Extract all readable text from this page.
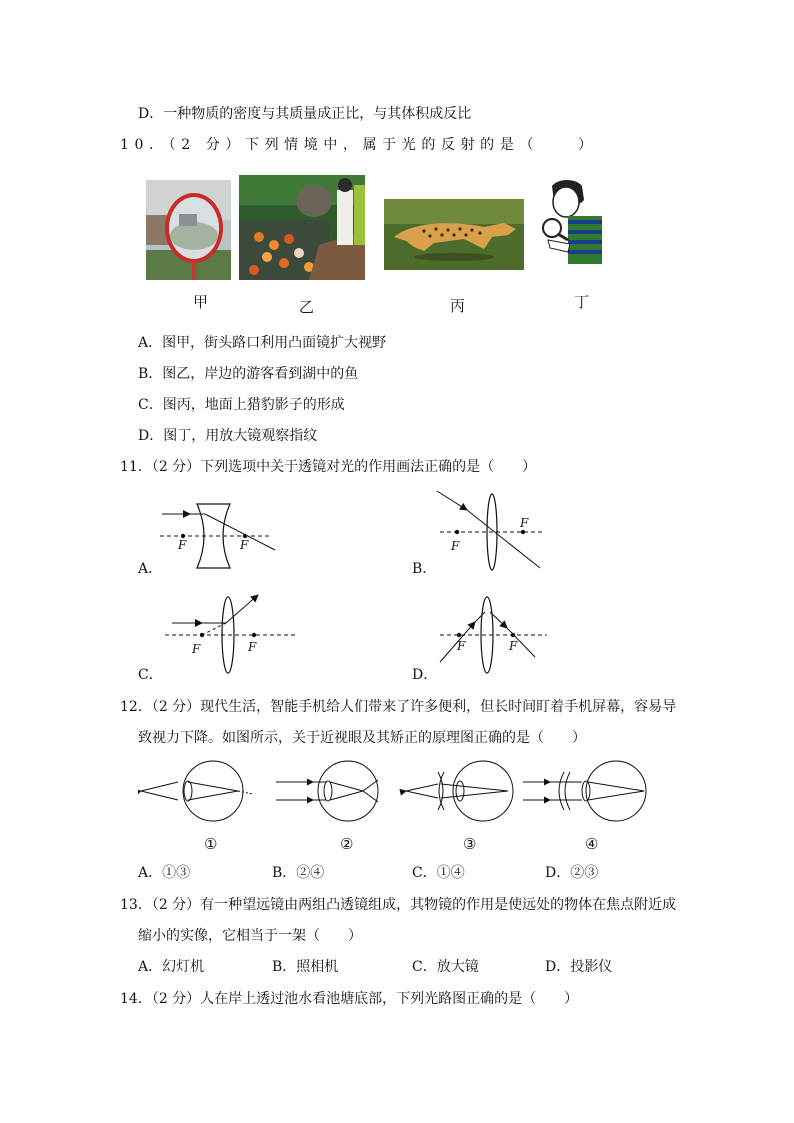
D．一种物质的密度与其质量成正比，与其体积成反比
10．（2 分）下列情境中，属于光的反射的是（　　）
甲	乙	丙	丁
A．图甲，街头路口利用凸面镜扩大视野
B．图乙，岸边的游客看到湖中的鱼
C．图丙，地面上猎豹影子的形成
D．图丁，用放大镜观察指纹
11．（2 分）下列选项中关于透镜对光的作用画法正确的是（　　）
F	F
A．
F
F
B．
F	F
C．
F	F
D．
12．（2 分）现代生活，智能手机给人们带来了许多便利，但长时间盯着手机屏幕，容易导
致视力下降。如图所示，关于近视眼及其矫正的原理图正确的是（　　）
①	②	③	④
A．①③	B．②④	C．①④	D．②③
13．（2 分）有一种望远镜由两组凸透镜组成，其物镜的作用是使远处的物体在焦点附近成
缩小的实像，它相当于一架（　　）
A．幻灯机	B．照相机	C．放大镜	D．投影仪
14．（2 分）人在岸上透过池水看池塘底部，下列光路图正确的是（　　）
